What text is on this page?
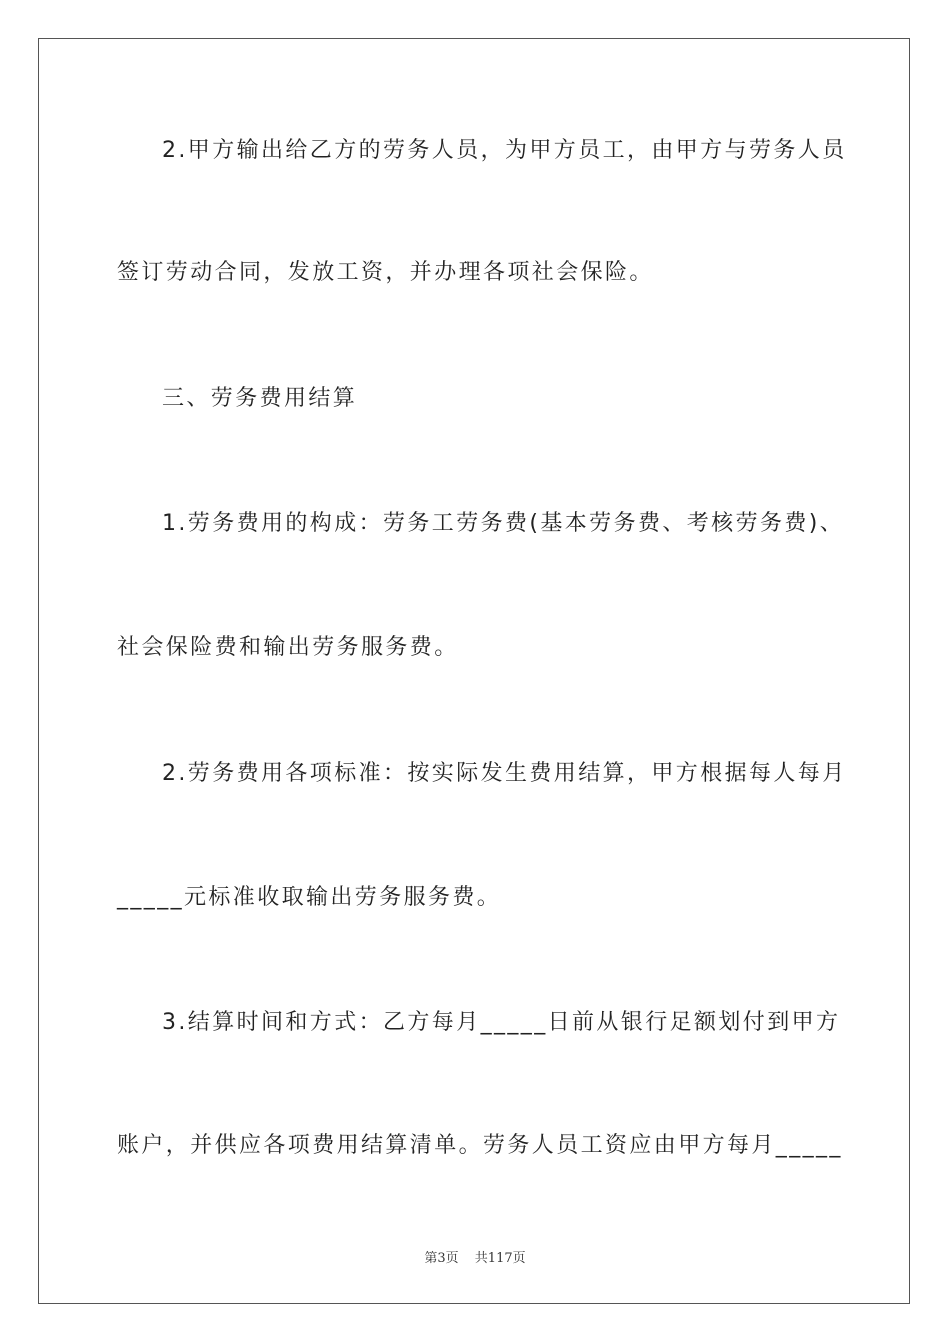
2.甲方输出给乙方的劳务人员，为甲方员工，由甲方与劳务人员
签订劳动合同，发放工资，并办理各项社会保险。
三、劳务费用结算
1.劳务费用的构成：劳务工劳务费(基本劳务费、考核劳务费)、
社会保险费和输出劳务服务费。
2.劳务费用各项标准：按实际发生费用结算，甲方根据每人每月
_____元标准收取输出劳务服务费。
3.结算时间和方式：乙方每月_____日前从银行足额划付到甲方
账户，并供应各项费用结算清单。劳务人员工资应由甲方每月_____
第3页 共117页
